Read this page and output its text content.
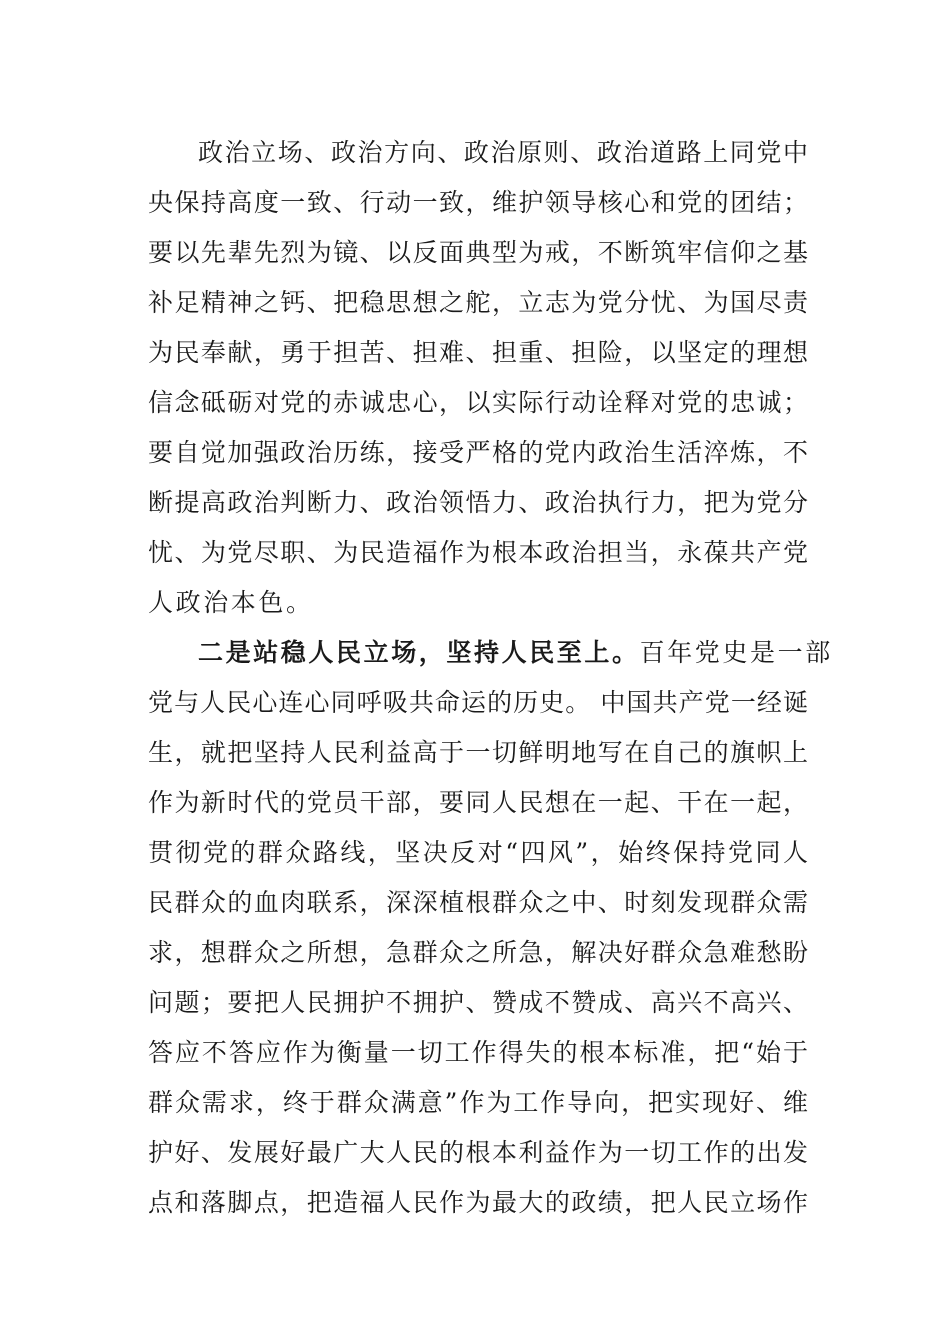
政治立场、政治方向、政治原则、政治道路上同党中
央保持高度一致、行动一致，维护领导核心和党的团结；
要以先辈先烈为镜、以反面典型为戒，不断筑牢信仰之基
补足精神之钙、把稳思想之舵，立志为党分忧、为国尽责
为民奉献，勇于担苦、担难、担重、担险，以坚定的理想
信念砥砺对党的赤诚忠心，以实际行动诠释对党的忠诚；
要自觉加强政治历练，接受严格的党内政治生活淬炼，不
断提高政治判断力、政治领悟力、政治执行力，把为党分
忧、为党尽职、为民造福作为根本政治担当，永葆共产党
人政治本色。
二是站稳人民立场，坚持人民至上。百年党史是一部
党与人民心连心同呼吸共命运的历史。 中国共产党一经诞
生，就把坚持人民利益高于一切鲜明地写在自己的旗帜上
作为新时代的党员干部，要同人民想在一起、干在一起，
贯彻党的群众路线，坚决反对“四风”，始终保持党同人
民群众的血肉联系，深深植根群众之中、时刻发现群众需
求，想群众之所想，急群众之所急，解决好群众急难愁盼
问题；要把人民拥护不拥护、赞成不赞成、高兴不高兴、
答应不答应作为衡量一切工作得失的根本标准，把“始于
群众需求，终于群众满意”作为工作导向，把实现好、维
护好、发展好最广大人民的根本利益作为一切工作的出发
点和落脚点，把造福人民作为最大的政绩，把人民立场作
